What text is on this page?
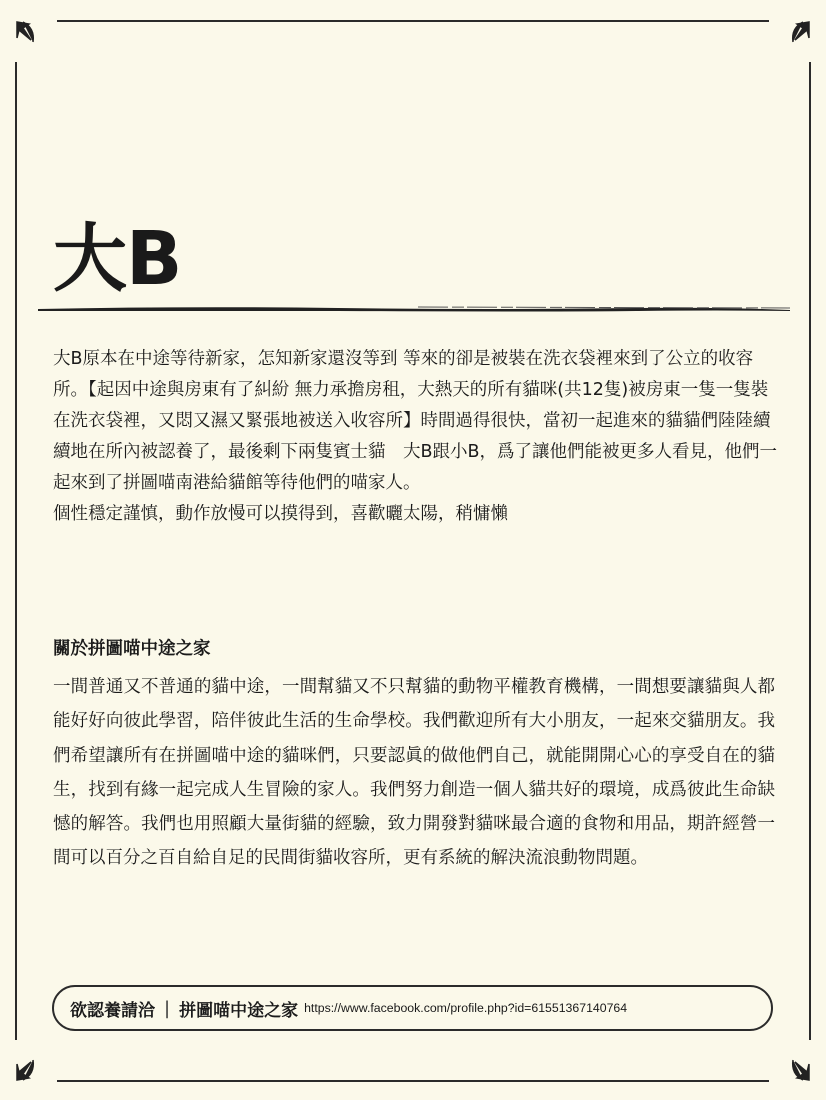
大B

大B原本在中途等待新家，怎知新家還沒等到 等來的卻是被裝在洗衣袋裡來到了公立的收容所。【起因中途與房東有了糾紛 無力承擔房租，大熱天的所有貓咪(共12隻)被房東一隻一隻裝在洗衣袋裡，又悶又濕又緊張地被送入收容所】時間過得很快，當初一起進來的貓貓們陸陸續續地在所內被認養了，最後剩下兩隻賓士貓　大B跟小B，爲了讓他們能被更多人看見，他們一起來到了拼圖喵南港給貓館等待他們的喵家人。

個性穩定謹慎，動作放慢可以摸得到，喜歡曬太陽，稍慵懶

關於拼圖喵中途之家

一間普通又不普通的貓中途，一間幫貓又不只幫貓的動物平權教育機構，一間想要讓貓與人都能好好向彼此學習，陪伴彼此生活的生命學校。我們歡迎所有大小朋友，一起來交貓朋友。我們希望讓所有在拼圖喵中途的貓咪們，只要認眞的做他們自己，就能開開心心的享受自在的貓生，找到有緣一起完成人生冒險的家人。我們努力創造一個人貓共好的環境，成爲彼此生命缺憾的解答。我們也用照顧大量街貓的經驗，致力開發對貓咪最合適的食物和用品，期許經營一間可以百分之百自給自足的民間街貓收容所，更有系統的解決流浪動物問題。

欲認養請洽 | 拼圖喵中途之家 https://www.facebook.com/profile.php?id=61551367140764
